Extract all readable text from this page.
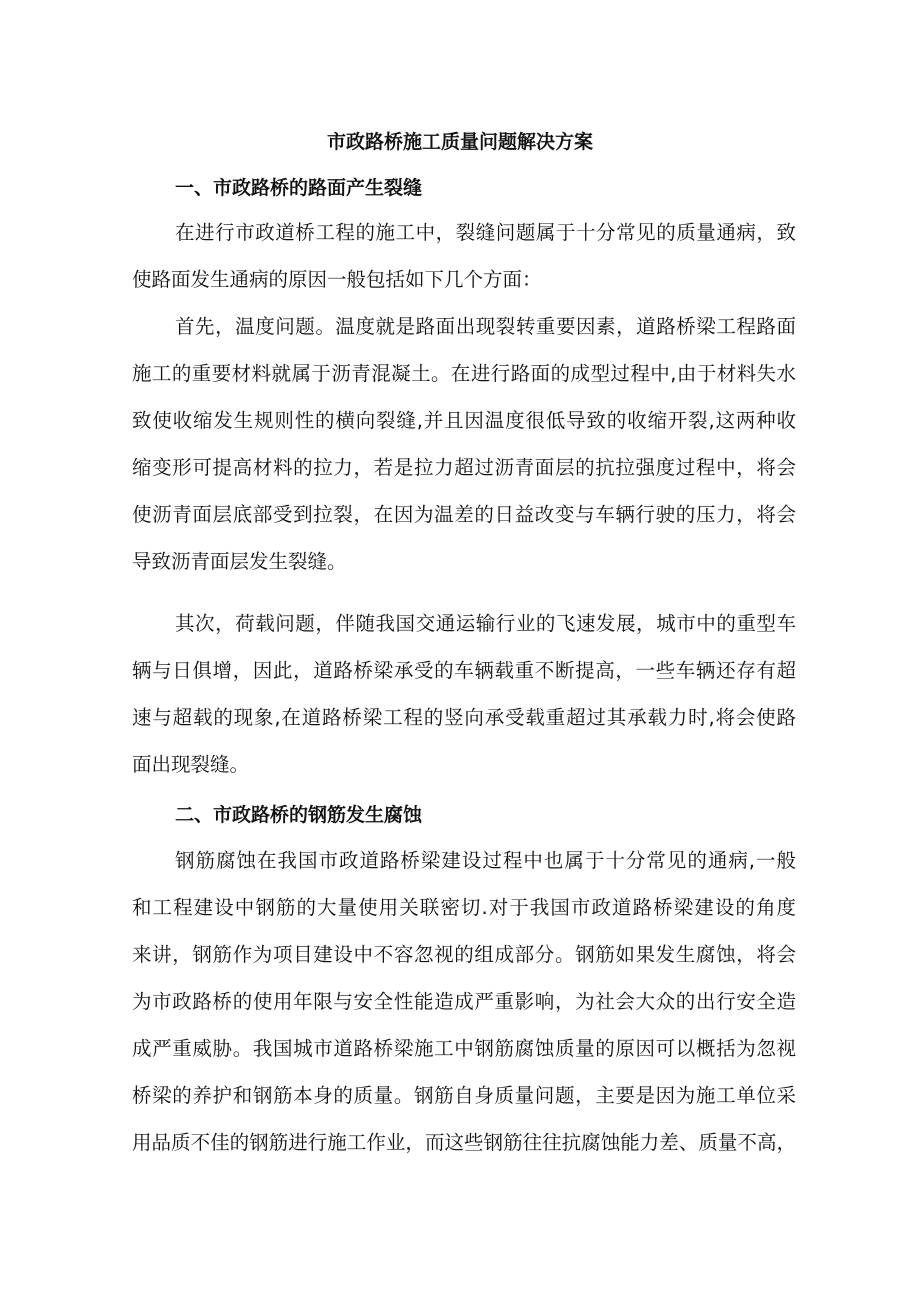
市政路桥施工质量问题解决方案
一、市政路桥的路面产生裂缝

在进行市政道桥工程的施工中，裂缝问题属于十分常见的质量通病，致
使路面发生通病的原因一般包括如下几个方面：

首先，温度问题。温度就是路面出现裂转重要因素，道路桥梁工程路面
施工的重要材料就属于沥青混凝土。在进行路面的成型过程中,由于材料失水
致使收缩发生规则性的横向裂缝,并且因温度很低导致的收缩开裂,这两种收
缩变形可提高材料的拉力，若是拉力超过沥青面层的抗拉强度过程中，将会
使沥青面层底部受到拉裂，在因为温差的日益改变与车辆行驶的压力，将会
导致沥青面层发生裂缝。

其次，荷载问题，伴随我国交通运输行业的飞速发展，城市中的重型车
辆与日俱增，因此，道路桥梁承受的车辆载重不断提高，一些车辆还存有超
速与超载的现象,在道路桥梁工程的竖向承受载重超过其承载力时,将会使路
面出现裂缝。

二、市政路桥的钢筋发生腐蚀

钢筋腐蚀在我国市政道路桥梁建设过程中也属于十分常见的通病,一般
和工程建设中钢筋的大量使用关联密切.对于我国市政道路桥梁建设的角度
来讲，钢筋作为项目建设中不容忽视的组成部分。钢筋如果发生腐蚀，将会
为市政路桥的使用年限与安全性能造成严重影响，为社会大众的出行安全造
成严重威胁。我国城市道路桥梁施工中钢筋腐蚀质量的原因可以概括为忽视
桥梁的养护和钢筋本身的质量。钢筋自身质量问题，主要是因为施工单位采
用品质不佳的钢筋进行施工作业，而这些钢筋往往抗腐蚀能力差、质量不高，
